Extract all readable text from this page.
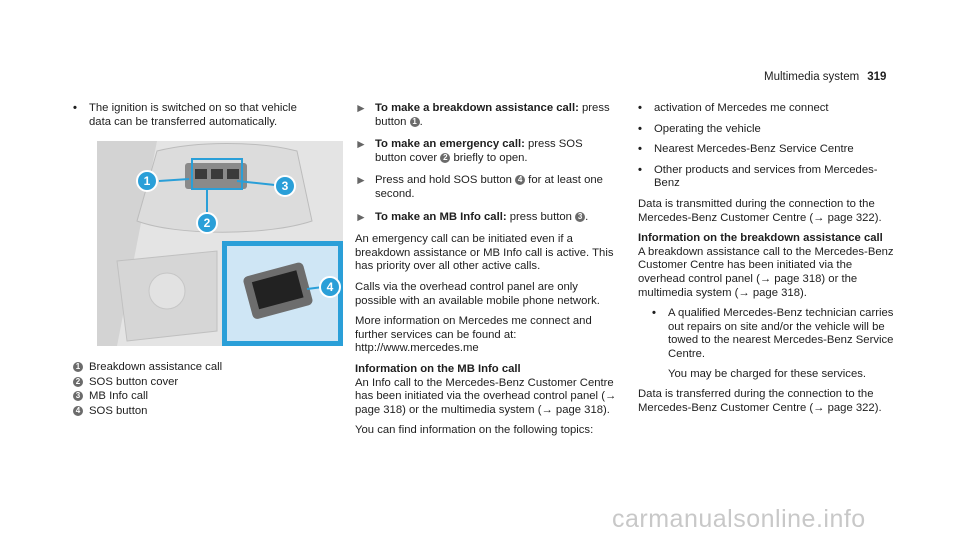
Multimedia system 319
•
The ignition is switched on so that vehicle data can be transferred automatically.
1
2
3
4
1 Breakdown assistance call
2 SOS button cover
3 MB Info call
4 SOS button
► To make a breakdown assistance call: press button 1 .
► To make an emergency call: press SOS button cover 2 briefly to open.
► Press and hold SOS button 4 for at least one second.
► To make an MB Info call: press button 3 .
An emergency call can be initiated even if a breakdown assistance or MB Info call is active. This has priority over all other active calls.
Calls via the overhead control panel are only possible with an available mobile phone network.
More information on Mercedes me connect and further services can be found at: http://www.mercedes.me
Information on the MB Info call
An Info call to the Mercedes-Benz Customer Centre has been initiated via the overhead control panel (→ page 318) or the multimedia system (→ page 318).
You can find information on the following topics:
•
activation of Mercedes me connect
•
Operating the vehicle
•
Nearest Mercedes-Benz Service Centre
•
Other products and services from Mercedes-Benz
Data is transmitted during the connection to the Mercedes-Benz Customer Centre (→ page 322).
Information on the breakdown assistance call
A breakdown assistance call to the Mercedes-Benz Customer Centre has been initiated via the overhead control panel (→ page 318) or the multimedia system (→ page 318).
•
A qualified Mercedes-Benz technician carries out repairs on site and/or the vehicle will be towed to the nearest Mercedes-Benz Service Centre.

You may be charged for these services.
Data is transferred during the connection to the Mercedes-Benz Customer Centre (→ page 322).
carmanualsonline.info
